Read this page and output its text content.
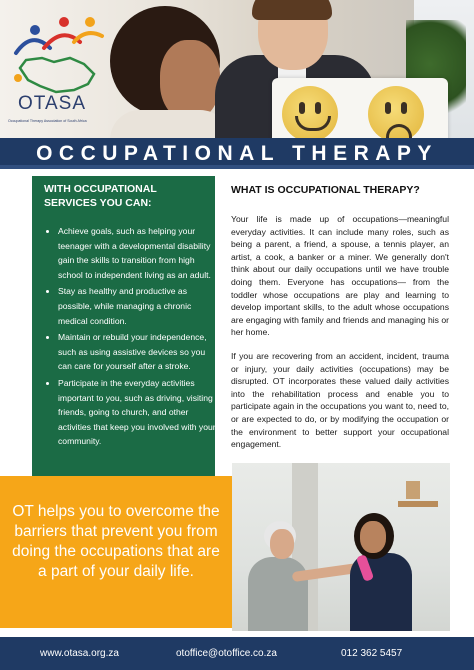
OTASA
Occupational Therapy Association of South Africa
OCCUPATIONAL THERAPY
WITH OCCUPATIONAL SERVICES YOU CAN:
• Achieve goals, such as helping your teenager with a developmental disability gain the skills to transition from high school to independent living as an adult.
• Stay as healthy and productive as possible, while managing a chronic medical condition.
• Maintain or rebuild your independence, such as using assistive devices so you can care for yourself after a stroke.
• Participate in the everyday activities important to you, such as driving, visiting friends, going to church, and other activities that keep you involved with your community.
WHAT IS OCCUPATIONAL THERAPY?

Your life is made up of occupations—meaningful everyday activities. It can include many roles, such as being a parent, a friend, a spouse, a tennis player, an artist, a cook, a banker or a miner. We generally don't think about our daily occupations until we have trouble doing them. Everyone has occupations— from the toddler whose occupations are play and learning to develop important skills, to the adult whose occupations are engaging with family and friends and managing his or her home.

If you are recovering from an accident, incident, trauma or injury, your daily activities (occupations) may be disrupted. OT incorporates these valued daily activities into the rehabilitation process and enable you to participate again in the occupations you want to, need to, or are expected to do, or by modifying the occupation or the environment to better support your occupational engagement.

OT helps you to overcome the barriers that prevent you from doing the occupations that are a part of your daily life.
www.otasa.org.za	otoffice@otoffice.co.za	012 362 5457
